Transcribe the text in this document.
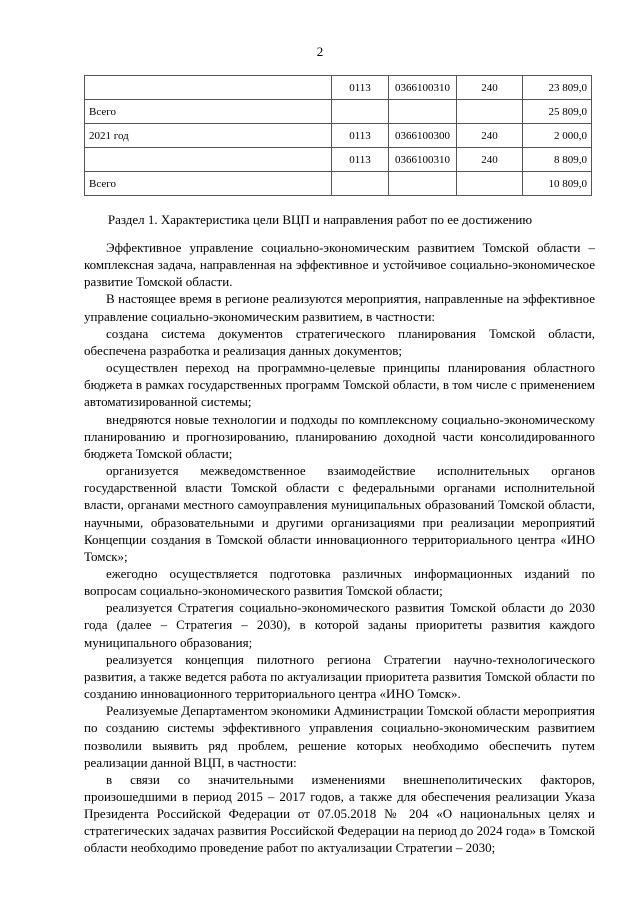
2
	0113	0366100310	240	23 809,0
Всего				25 809,0
2021 год	0113	0366100300	240	2 000,0
	0113	0366100310	240	8 809,0
Всего				10 809,0
Раздел 1. Характеристика цели ВЦП и направления работ по ее достижению

Эффективное управление социально-экономическим развитием Томской области – комплексная задача, направленная на эффективное и устойчивое социально-экономическое развитие Томской области.

В настоящее время в регионе реализуются мероприятия, направленные на эффективное управление социально-экономическим развитием, в частности:

создана система документов стратегического планирования Томской области, обеспечена разработка и реализация данных документов;

осуществлен переход на программно-целевые принципы планирования областного бюджета в рамках государственных программ Томской области, в том числе с применением автоматизированной системы;

внедряются новые технологии и подходы по комплексному социально-экономическому планированию и прогнозированию, планированию доходной части консолидированного бюджета Томской области;

организуется межведомственное взаимодействие исполнительных органов государственной власти Томской области с федеральными органами исполнительной власти, органами местного самоуправления муниципальных образований Томской области, научными, образовательными и другими организациями при реализации мероприятий Концепции создания в Томской области инновационного территориального центра «ИНО Томск»;

ежегодно осуществляется подготовка различных информационных изданий по вопросам социально-экономического развития Томской области;

реализуется Стратегия социально-экономического развития Томской области до 2030 года (далее – Стратегия – 2030), в которой заданы приоритеты развития каждого муниципального образования;

реализуется концепция пилотного региона Стратегии научно-технологического развития, а также ведется работа по актуализации приоритета развития Томской области по созданию инновационного территориального центра «ИНО Томск».

Реализуемые Департаментом экономики Администрации Томской области мероприятия по созданию системы эффективного управления социально-экономическим развитием позволили выявить ряд проблем, решение которых необходимо обеспечить путем реализации данной ВЦП, в частности:

в связи со значительными изменениями внешнеполитических факторов, произошедшими в период 2015 – 2017 годов, а также для обеспечения реализации Указа Президента Российской Федерации от 07.05.2018 № 204 «О национальных целях и стратегических задачах развития Российской Федерации на период до 2024 года» в Томской области необходимо проведение работ по актуализации Стратегии – 2030;
